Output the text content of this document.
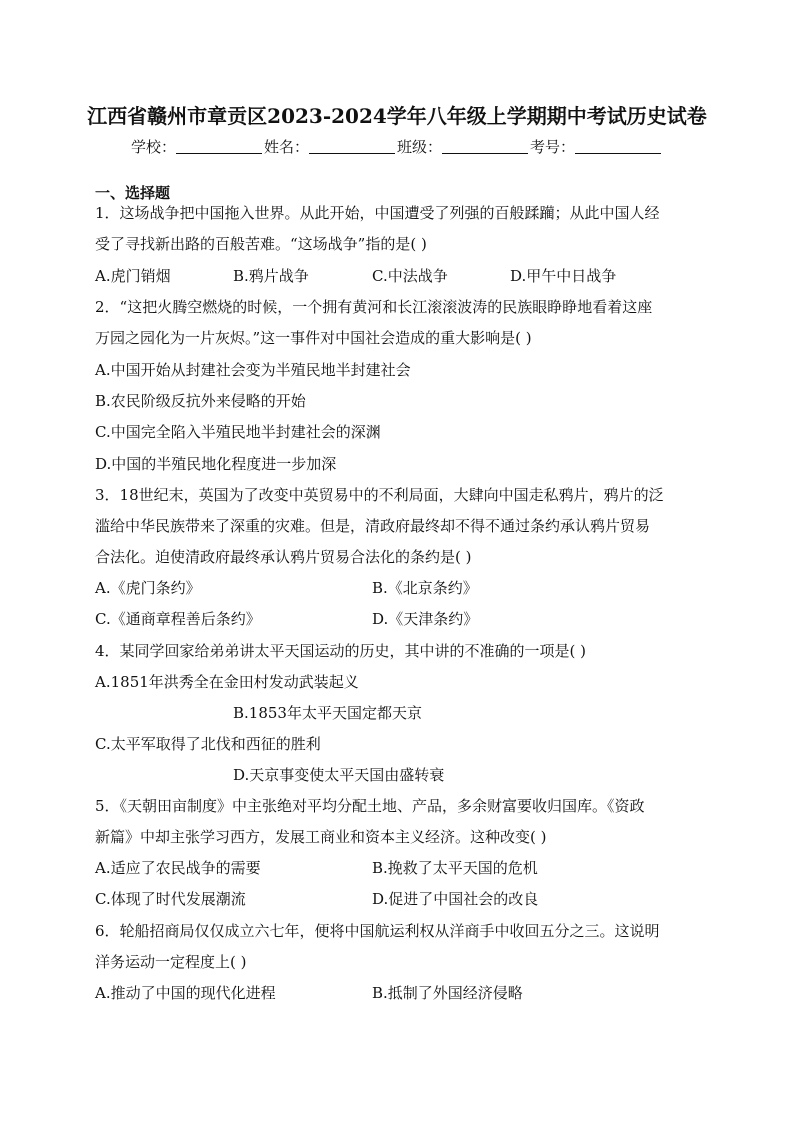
江西省赣州市章贡区2023-2024学年八年级上学期期中考试历史试卷
学校：	姓名：	班级：	考号：
一、选择题
1．这场战争把中国拖入世界。从此开始，中国遭受了列强的百般蹂躏；从此中国人经
受了寻找新出路的百般苦难。“这场战争”指的是( )
A.虎门销烟	B.鸦片战争	C.中法战争	D.甲午中日战争
2．“这把火腾空燃烧的时候，一个拥有黄河和长江滚滚波涛的民族眼睁睁地看着这座
万园之园化为一片灰烬。”这一事件对中国社会造成的重大影响是( )
A.中国开始从封建社会变为半殖民地半封建社会
B.农民阶级反抗外来侵略的开始
C.中国完全陷入半殖民地半封建社会的深渊
D.中国的半殖民地化程度进一步加深
3．18世纪末，英国为了改变中英贸易中的不利局面，大肆向中国走私鸦片，鸦片的泛
滥给中华民族带来了深重的灾难。但是，清政府最终却不得不通过条约承认鸦片贸易
合法化。迫使清政府最终承认鸦片贸易合法化的条约是( )
A.《虎门条约》	B.《北京条约》
C.《通商章程善后条约》	D.《天津条约》
4．某同学回家给弟弟讲太平天国运动的历史，其中讲的不准确的一项是( )
A.1851年洪秀全在金田村发动武装起义
B.1853年太平天国定都天京
C.太平军取得了北伐和西征的胜利
D.天京事变使太平天国由盛转衰
5．《天朝田亩制度》中主张绝对平均分配土地、产品，多余财富要收归国库。《资政
新篇》中却主张学习西方，发展工商业和资本主义经济。这种改变( )
A.适应了农民战争的需要	B.挽救了太平天国的危机
C.体现了时代发展潮流	D.促进了中国社会的改良
6．轮船招商局仅仅成立六七年，便将中国航运利权从洋商手中收回五分之三。这说明
洋务运动一定程度上( )
A.推动了中国的现代化进程	B.抵制了外国经济侵略
